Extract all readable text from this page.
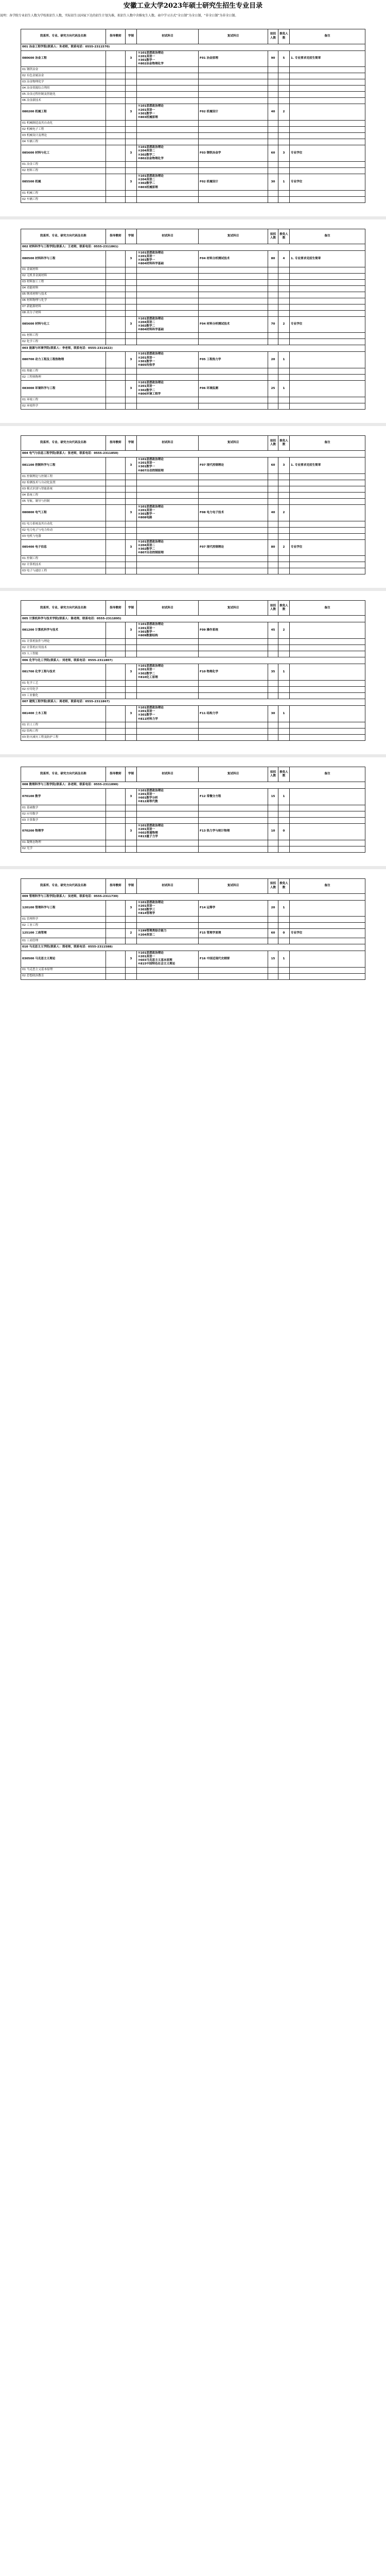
安徽工业大学2023年硕士研究生招生专业目录
说明：各学院专业招生人数为学校拟招生人数，实际招生以国家下达的招生计划为准，拟招生人数中含推免生人数。表中学习方式“全日制”为全日制，“非全日制”为非全日制。
院系所、专业、研究方向代码及名称	指导教师	学制	初试科目	复试科目	拟招人数	推免人数	备注
001 冶金工程学院(联系人：朱老师，联系电话：0555-2311570)							
080600 冶金工程		3	①101思想政治理论
②201英语一
③301数学一
④802冶金物理化学	F01 冶金原理	90	5	1. 专业要求见招生简章
01 钢铁冶金							
02 有色金属冶金							
03 冶金物理化学							
04 冶金资源综合利用							
05 冶金过程控制及智能化							
06 冶金新技术							
080200 机械工程		3	①101思想政治理论
②201英语一
③301数学一
④803机械原理	F02 机械设计	40	2	
01 机械制造及其自动化							
02 机械电子工程							
03 机械设计及理论							
04 车辆工程							
085600 材料与化工		3	①101思想政治理论
②204英语二
③302数学二
④802冶金物理化学	F03 钢铁冶金学	60	3	专业学位
01 冶金工程							
02 材料工程							
085500 机械		3	①101思想政治理论
②204英语二
③302数学二
④803机械原理	F02 机械设计	30	1	专业学位
01 机械工程							
02 车辆工程							
院系所、专业、研究方向代码及名称	指导教师	学制	初试科目	复试科目	拟招人数	推免人数	备注
002 材料科学与工程学院(联系人：王老师，联系电话：0555-2311861)							
080500 材料科学与工程		3	①101思想政治理论
②201英语一
③301数学一
④804材料科学基础	F04 材料分析测试技术	80	4	1. 专业要求见招生简章
01 金属材料							
02 无机非金属材料							
03 材料加工工程							
04 功能材料							
05 纳米材料与技术							
06 材料物理与化学							
07 新能源材料							
08 高分子材料							
085600 材料与化工		3	①101思想政治理论
②204英语二
③302数学二
④804材料科学基础	F04 材料分析测试技术	70	2	专业学位
01 材料工程							
02 化学工程							
003 能源与环境学院(联系人：李老师，联系电话：0555-2311622)							
080700 动力工程及工程热物理		3	①101思想政治理论
②201英语一
③301数学一
④805传热学	F05 工程热力学	20	1	
01 热能工程							
02 工程热物理							
083000 环境科学与工程		3	①101思想政治理论
②201英语一
③302数学二
④806环境工程学	F06 环境监测	25	1	
01 环境工程							
02 环境科学							
院系所、专业、研究方向代码及名称	指导教师	学制	初试科目	复试科目	拟招人数	推免人数	备注
004 电气与信息工程学院(联系人：张老师，联系电话：0555-2311850)							
081100 控制科学与工程		3	①101思想政治理论
②201英语一
③301数学一
④807自动控制原理	F07 现代控制理论	60	3	1. 专业要求见招生简章
01 控制理论与控制工程							
02 检测技术与自动化装置							
03 模式识别与智能系统							
04 系统工程							
05 导航、制导与控制							
080800 电气工程		3	①101思想政治理论
②201英语一
③301数学一
④808电路	F08 电力电子技术	40	2	
01 电力系统及其自动化							
02 电力电子与电力传动							
03 电机与电器							
085400 电子信息		3	①101思想政治理论
②204英语二
③302数学二
④807自动控制原理	F07 现代控制理论	80	2	专业学位
01 控制工程							
02 计算机技术							
03 电子与通信工程							
院系所、专业、研究方向代码及名称	指导教师	学制	初试科目	复试科目	拟招人数	推免人数	备注
005 计算机科学与技术学院(联系人：陈老师，联系电话：0555-2311895)							
081200 计算机科学与技术		3	①101思想政治理论
②201英语一
③301数学一
④809数据结构	F09 操作系统	45	2	
01 计算机软件与理论							
02 计算机应用技术							
03 人工智能							
006 化学与化工学院(联系人：刘老师，联系电话：0555-2311807)							
081700 化学工程与技术		3	①101思想政治理论
②201英语一
③302数学二
④810化工原理	F10 物理化学	35	1	
01 化学工艺							
02 应用化学							
03 工业催化							
007 建筑工程学院(联系人：周老师，联系电话：0555-2311867)							
081400 土木工程		3	①101思想政治理论
②201英语一
③301数学一
④811材料力学	F11 结构力学	30	1	
01 岩土工程							
02 结构工程							
03 防灾减灾工程及防护工程							
院系所、专业、研究方向代码及名称	指导教师	学制	初试科目	复试科目	拟招人数	推免人数	备注
008 数理科学与工程学院(联系人：孙老师，联系电话：0555-2311890)							
070100 数学		3	①101思想政治理论
②201英语一
③601数学分析
④812高等代数	F12 常微分方程	15	1	
01 基础数学							
02 应用数学							
03 计算数学							
070200 物理学		3	①101思想政治理论
②201英语一
③602普通物理
④813量子力学	F13 热力学与统计物理	10	0	
01 凝聚态物理							
02 光学							
院系所、专业、研究方向代码及名称	指导教师	学制	初试科目	复试科目	拟招人数	推免人数	备注
009 管理科学与工程学院(联系人：吴老师，联系电话：0555-2311730)							
120100 管理科学与工程		3	①101思想政治理论
②201英语一
③303数学三
④814管理学	F14 运筹学	20	1	
01 管理科学							
02 工业工程							
125100 工商管理		2	①199管理类综合能力
②204英语二	F15 管理学原理	60	0	专业学位
01 工商管理							
010 马克思主义学院(联系人：郑老师，联系电话：0555-2311588)							
030500 马克思主义理论		3	①101思想政治理论
②201英语一
③603马克思主义基本原理
④815中国特色社会主义理论	F16 中国近现代史纲要	15	1	
01 马克思主义基本原理							
02 思想政治教育							
